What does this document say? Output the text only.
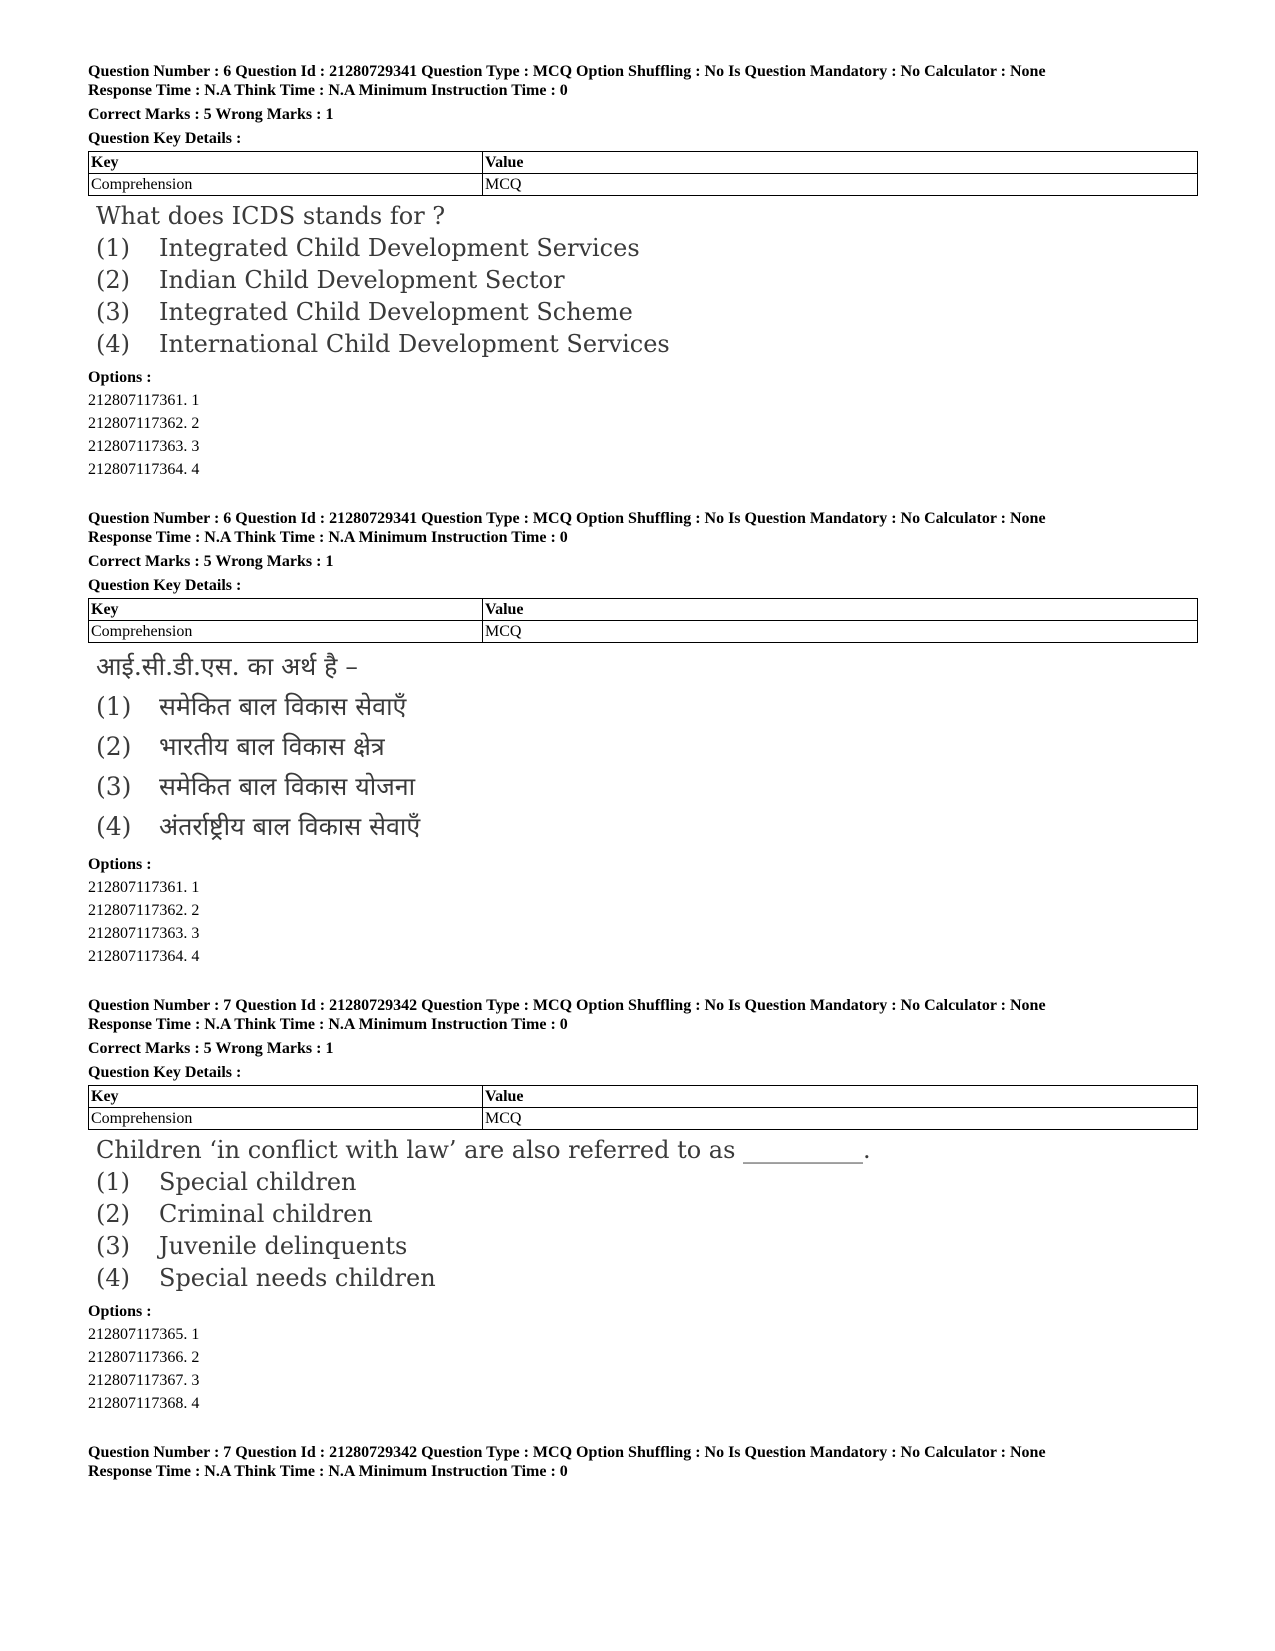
Question Number : 6 Question Id : 21280729341 Question Type : MCQ Option Shuffling : No Is Question Mandatory : No Calculator : None
Response Time : N.A Think Time : N.A Minimum Instruction Time : 0
Correct Marks : 5 Wrong Marks : 1
Question Key Details :
Key	Value
Comprehension	MCQ
What does ICDS stands for ?
(1)	Integrated Child Development Services
(2)	Indian Child Development Sector
(3)	Integrated Child Development Scheme
(4)	International Child Development Services
Options :
212807117361. 1
212807117362. 2
212807117363. 3
212807117364. 4
Question Number : 6 Question Id : 21280729341 Question Type : MCQ Option Shuffling : No Is Question Mandatory : No Calculator : None
Response Time : N.A Think Time : N.A Minimum Instruction Time : 0
Correct Marks : 5 Wrong Marks : 1
Question Key Details :
Key	Value
Comprehension	MCQ
आई.सी.डी.एस. का अर्थ है –
(1)	समेकित बाल विकास सेवाएँ
(2)	भारतीय बाल विकास क्षेत्र
(3)	समेकित बाल विकास योजना
(4)	अंतर्राष्ट्रीय बाल विकास सेवाएँ
Options :
212807117361. 1
212807117362. 2
212807117363. 3
212807117364. 4
Question Number : 7 Question Id : 21280729342 Question Type : MCQ Option Shuffling : No Is Question Mandatory : No Calculator : None
Response Time : N.A Think Time : N.A Minimum Instruction Time : 0
Correct Marks : 5 Wrong Marks : 1
Question Key Details :
Key	Value
Comprehension	MCQ
Children ‘in conflict with law’ are also referred to as __________.
(1)	Special children
(2)	Criminal children
(3)	Juvenile delinquents
(4)	Special needs children
Options :
212807117365. 1
212807117366. 2
212807117367. 3
212807117368. 4
Question Number : 7 Question Id : 21280729342 Question Type : MCQ Option Shuffling : No Is Question Mandatory : No Calculator : None
Response Time : N.A Think Time : N.A Minimum Instruction Time : 0
